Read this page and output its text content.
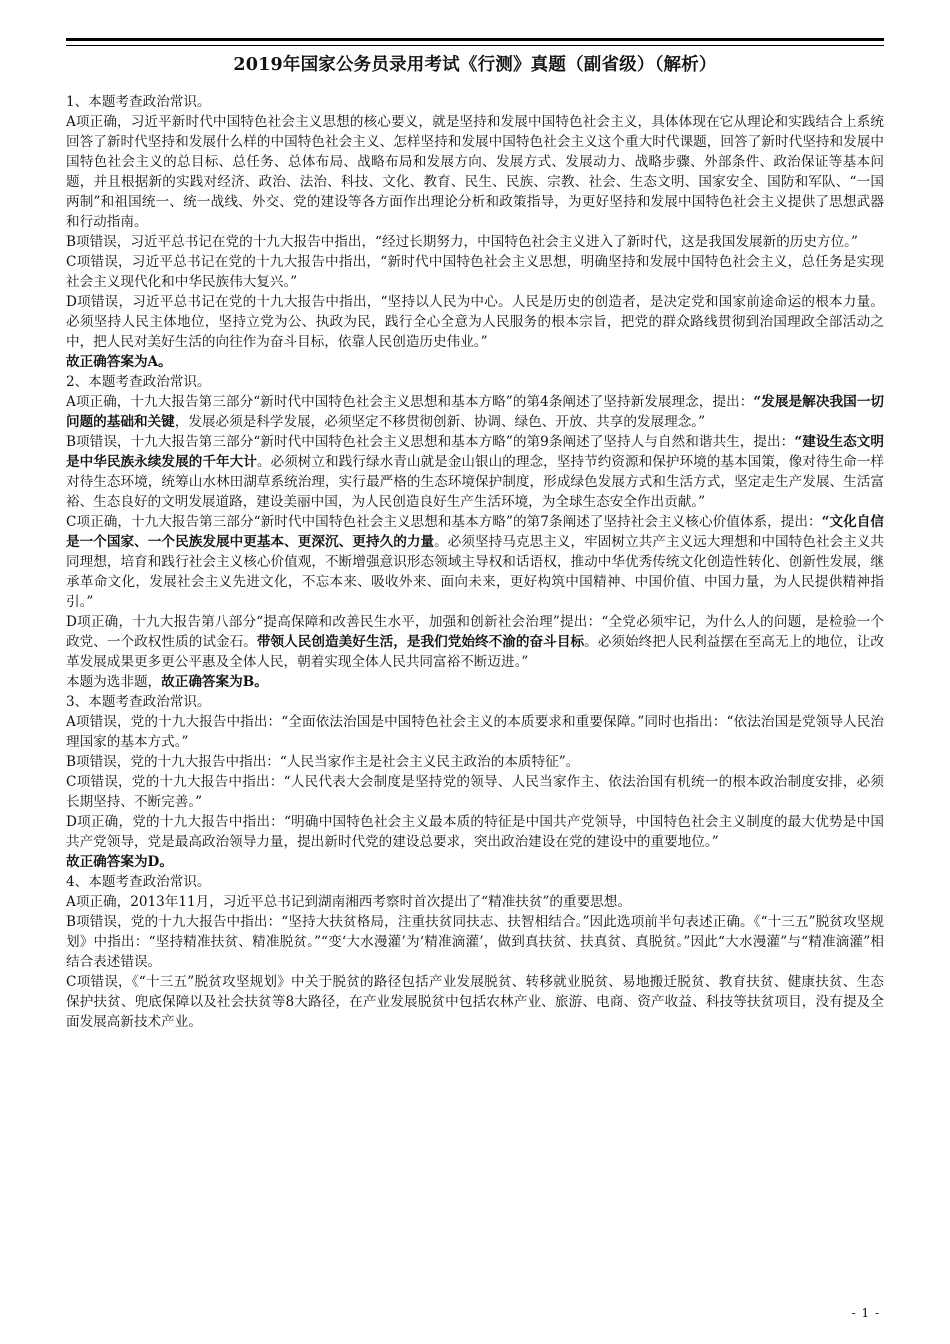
2019年国家公务员录用考试《行测》真题（副省级）（解析）

1、本题考查政治常识。

A项正确，习近平新时代中国特色社会主义思想的核心要义，就是坚持和发展中国特色社会主义，具体体现在它从理论和实践结合上系统回答了新时代坚持和发展什么样的中国特色社会主义、怎样坚持和发展中国特色社会主义这个重大时代课题，回答了新时代坚持和发展中国特色社会主义的总目标、总任务、总体布局、战略布局和发展方向、发展方式、发展动力、战略步骤、外部条件、政治保证等基本问题，并且根据新的实践对经济、政治、法治、科技、文化、教育、民生、民族、宗教、社会、生态文明、国家安全、国防和军队、“一国两制”和祖国统一、统一战线、外交、党的建设等各方面作出理论分析和政策指导，为更好坚持和发展中国特色社会主义提供了思想武器和行动指南。

B项错误，习近平总书记在党的十九大报告中指出，“经过长期努力，中国特色社会主义进入了新时代，这是我国发展新的历史方位。”

C项错误，习近平总书记在党的十九大报告中指出，“新时代中国特色社会主义思想，明确坚持和发展中国特色社会主义，总任务是实现社会主义现代化和中华民族伟大复兴。”

D项错误，习近平总书记在党的十九大报告中指出，“坚持以人民为中心。人民是历史的创造者，是决定党和国家前途命运的根本力量。必须坚持人民主体地位，坚持立党为公、执政为民，践行全心全意为人民服务的根本宗旨，把党的群众路线贯彻到治国理政全部活动之中，把人民对美好生活的向往作为奋斗目标，依靠人民创造历史伟业。”

故正确答案为A。

2、本题考查政治常识。

A项正确，十九大报告第三部分“新时代中国特色社会主义思想和基本方略”的第4条阐述了坚持新发展理念，提出：“发展是解决我国一切问题的基础和关键，发展必须是科学发展，必须坚定不移贯彻创新、协调、绿色、开放、共享的发展理念。”

B项错误，十九大报告第三部分“新时代中国特色社会主义思想和基本方略”的第9条阐述了坚持人与自然和谐共生，提出：“建设生态文明是中华民族永续发展的千年大计。必须树立和践行绿水青山就是金山银山的理念，坚持节约资源和保护环境的基本国策，像对待生命一样对待生态环境，统筹山水林田湖草系统治理，实行最严格的生态环境保护制度，形成绿色发展方式和生活方式，坚定走生产发展、生活富裕、生态良好的文明发展道路，建设美丽中国，为人民创造良好生产生活环境，为全球生态安全作出贡献。”

C项正确，十九大报告第三部分“新时代中国特色社会主义思想和基本方略”的第7条阐述了坚持社会主义核心价值体系，提出：“文化自信是一个国家、一个民族发展中更基本、更深沉、更持久的力量。必须坚持马克思主义，牢固树立共产主义远大理想和中国特色社会主义共同理想，培育和践行社会主义核心价值观，不断增强意识形态领域主导权和话语权，推动中华优秀传统文化创造性转化、创新性发展，继承革命文化，发展社会主义先进文化，不忘本来、吸收外来、面向未来，更好构筑中国精神、中国价值、中国力量，为人民提供精神指引。”

D项正确，十九大报告第八部分“提高保障和改善民生水平，加强和创新社会治理”提出：“全党必须牢记，为什么人的问题，是检验一个政党、一个政权性质的试金石。带领人民创造美好生活，是我们党始终不渝的奋斗目标。必须始终把人民利益摆在至高无上的地位，让改革发展成果更多更公平惠及全体人民，朝着实现全体人民共同富裕不断迈进。”

本题为选非题，故正确答案为B。

3、本题考查政治常识。

A项错误，党的十九大报告中指出：“全面依法治国是中国特色社会主义的本质要求和重要保障。”同时也指出：“依法治国是党领导人民治理国家的基本方式。”

B项错误，党的十九大报告中指出：“人民当家作主是社会主义民主政治的本质特征”。

C项错误，党的十九大报告中指出：“人民代表大会制度是坚持党的领导、人民当家作主、依法治国有机统一的根本政治制度安排，必须长期坚持、不断完善。”

D项正确，党的十九大报告中指出：“明确中国特色社会主义最本质的特征是中国共产党领导，中国特色社会主义制度的最大优势是中国共产党领导，党是最高政治领导力量，提出新时代党的建设总要求，突出政治建设在党的建设中的重要地位。”

故正确答案为D。

4、本题考查政治常识。

A项正确，2013年11月，习近平总书记到湖南湘西考察时首次提出了“精准扶贫”的重要思想。

B项错误，党的十九大报告中指出：“坚持大扶贫格局，注重扶贫同扶志、扶智相结合。”因此选项前半句表述正确。《“十三五”脱贫攻坚规划》中指出：“坚持精准扶贫、精准脱贫。”“变‘大水漫灌’为‘精准滴灌’，做到真扶贫、扶真贫、真脱贫。”因此“大水漫灌”与“精准滴灌”相结合表述错误。

C项错误，《“十三五”脱贫攻坚规划》中关于脱贫的路径包括产业发展脱贫、转移就业脱贫、易地搬迁脱贫、教育扶贫、健康扶贫、生态保护扶贫、兜底保障以及社会扶贫等8大路径，在产业发展脱贫中包括农林产业、旅游、电商、资产收益、科技等扶贫项目，没有提及全面发展高新技术产业。

- 1 -
